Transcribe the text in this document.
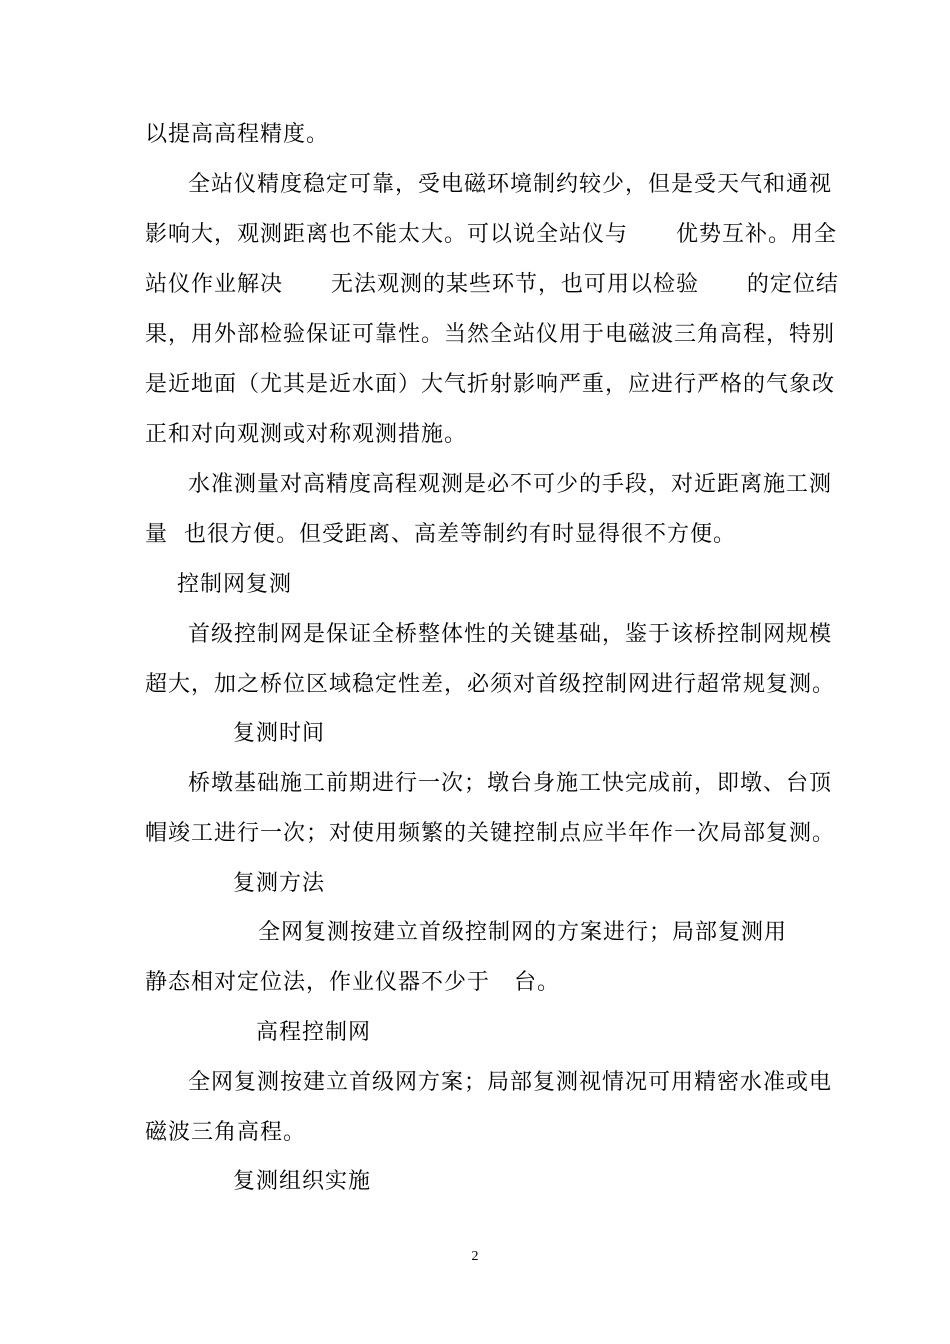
以提高高程精度。
全站仪精度稳定可靠，受电磁环境制约较少，但是受天气和通视
影响大，观测距离也不能太大。可以说全站仪与      优势互补。用全
站仪作业解决      无法观测的某些环节，也可用以检验      的定位结
果，用外部检验保证可靠性。当然全站仪用于电磁波三角高程，特别
是近地面（尤其是近水面）大气折射影响严重，应进行严格的气象改
正和对向观测或对称观测措施。
水准测量对高精度高程观测是必不可少的手段，对近距离施工测
量  也很方便。但受距离、高差等制约有时显得很不方便。
控制网复测
首级控制网是保证全桥整体性的关键基础，鉴于该桥控制网规模
超大，加之桥位区域稳定性差，必须对首级控制网进行超常规复测。
复测时间
桥墩基础施工前期进行一次；墩台身施工快完成前，即墩、台顶
帽竣工进行一次；对使用频繁的关键控制点应半年作一次局部复测。
复测方法
全网复测按建立首级控制网的方案进行；局部复测用
静态相对定位法，作业仪器不少于   台。
高程控制网
全网复测按建立首级网方案；局部复测视情况可用精密水准或电
磁波三角高程。
复测组织实施
2
